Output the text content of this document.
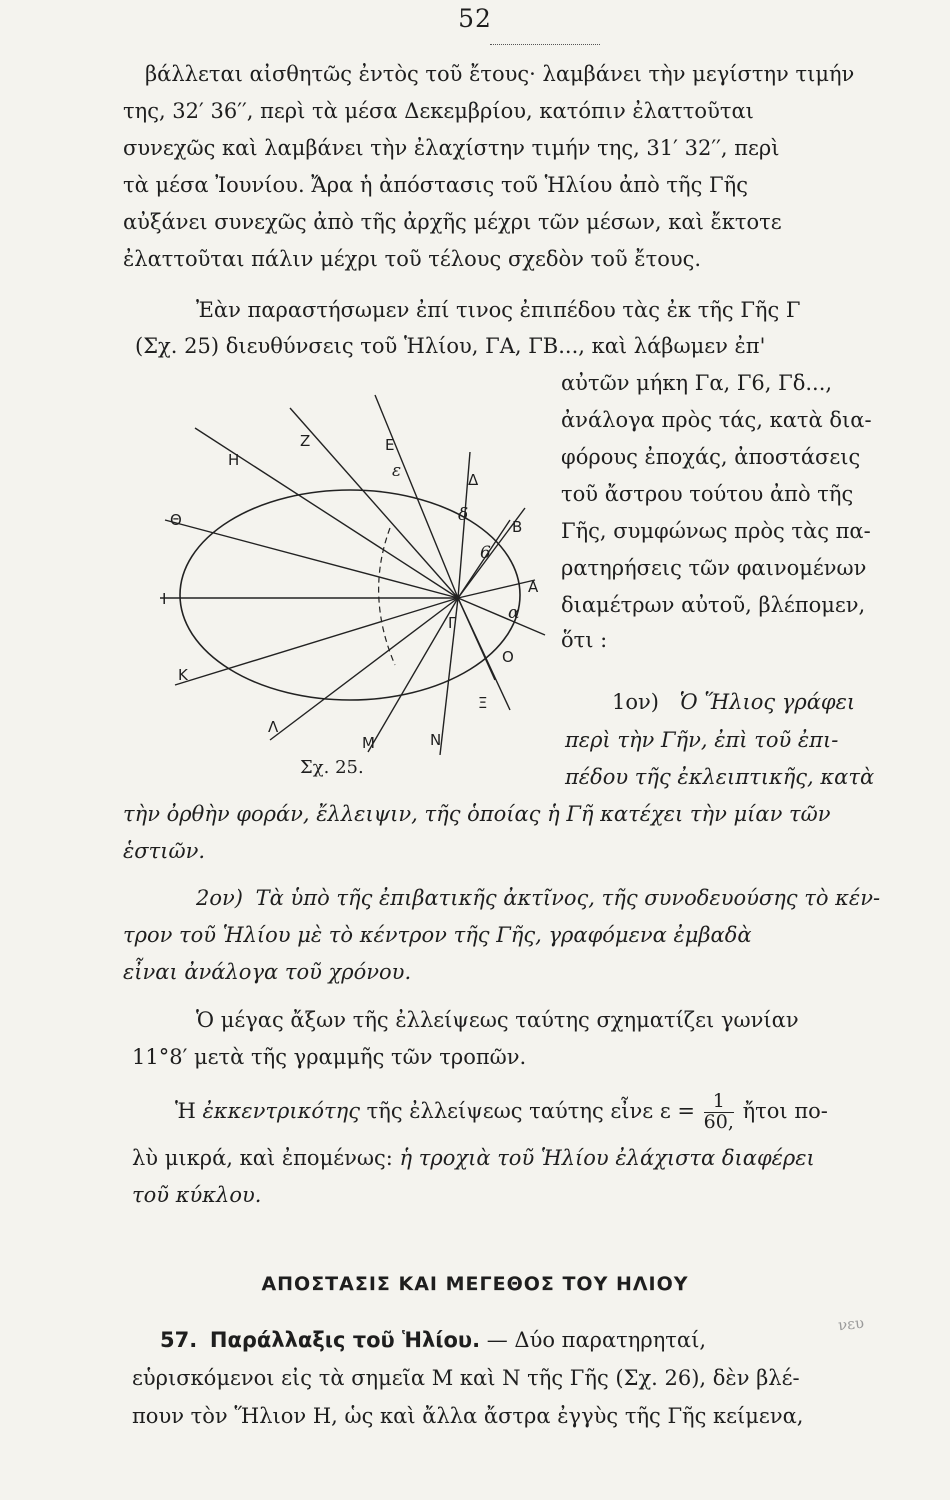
52
βάλλεται αἰσθητῶς ἐντὸς τοῦ ἔτους· λαμβάνει τὴν μεγίστην τιμήν
της, 32′ 36′′, περὶ τὰ μέσα Δεκεμβρίου, κατόπιν ἐλαττοῦται
συνεχῶς καὶ λαμβάνει τὴν ἐλαχίστην τιμήν της, 31′ 32′′, περὶ
τὰ μέσα Ἰουνίου. Ἄρα ἡ ἀπόστασις τοῦ Ἡλίου ἀπὸ τῆς Γῆς
αὐξάνει συνεχῶς ἀπὸ τῆς ἀρχῆς μέχρι τῶν μέσων, καὶ ἔκτοτε
ἐλαττοῦται πάλιν μέχρι τοῦ τέλους σχεδὸν τοῦ ἔτους.
Ἐὰν παραστήσωμεν ἐπί τινος ἐπιπέδου τὰς ἐκ τῆς Γῆς Γ
(Σχ. 25) διευθύνσεις τοῦ Ἡλίου, ΓΑ, ΓΒ..., καὶ λάβωμεν ἐπ'
αὐτῶν μήκη Γα, Γ6, Γδ...,
ἀνάλογα πρὸς τάς, κατὰ δια-
φόρους ἐποχάς, ἀποστάσεις
τοῦ ἄστρου τούτου ἀπὸ τῆς
Γῆς, συμφώνως πρὸς τὰς πα-
ρατηρήσεις τῶν φαινομένων
διαμέτρων αὐτοῦ, βλέπομεν,
ὅτι :
1ον) Ὁ Ἥλιος γράφει
περὶ τὴν Γῆν, ἐπὶ τοῦ ἐπι-
πέδου τῆς ἐκλειπτικῆς, κατὰ
τὴν ὀρθὴν φοράν, ἔλλειψιν, τῆς ὁποίας ἡ Γῆ κατέχει τὴν μίαν τῶν
ἑστιῶν.
2ον) Τὰ ὑπὸ τῆς ἐπιβατικῆς ἀκτῖνος, τῆς συνοδευούσης τὸ κέν-
τρον τοῦ Ἡλίου μὲ τὸ κέντρον τῆς Γῆς, γραφόμενα ἐμβαδὰ
εἶναι ἀνάλογα τοῦ χρόνου.
Ὁ μέγας ἄξων τῆς ἐλλείψεως ταύτης σχηματίζει γωνίαν
11°8′ μετὰ τῆς γραμμῆς τῶν τροπῶν.
Ἡ ἐκκεντρικότης τῆς ἐλλείψεως ταύτης εἶνε $\varepsilon = \frac{1}{60,}$ ἤτοι πο-
λὺ μικρά, καὶ ἐπομένως: ἡ τροχιὰ τοῦ Ἡλίου ἐλάχιστα διαφέρει
τοῦ κύκλου.
ΑΠΟΣΤΑΣΙΣ ΚΑΙ ΜΕΓΕΘΟΣ ΤΟΥ ΗΛΙΟΥ
νευ
57. Παράλλαξις τοῦ Ἡλίου. — Δύο παρατηρηταί,
εὑρισκόμενοι εἰς τὰ σημεῖα Μ καὶ Ν τῆς Γῆς (Σχ. 26), δὲν βλέ-
πουν τὸν Ἥλιον Η, ὡς καὶ ἄλλα ἄστρα ἐγγὺς τῆς Γῆς κείμενα,
Α
Β
Δ
Ε
Ζ
Η
Θ
Ι
Κ
Λ
Μ	Ν
Ξ
Ο
α
6
δ
ε
Γ
Σχ. 25.
